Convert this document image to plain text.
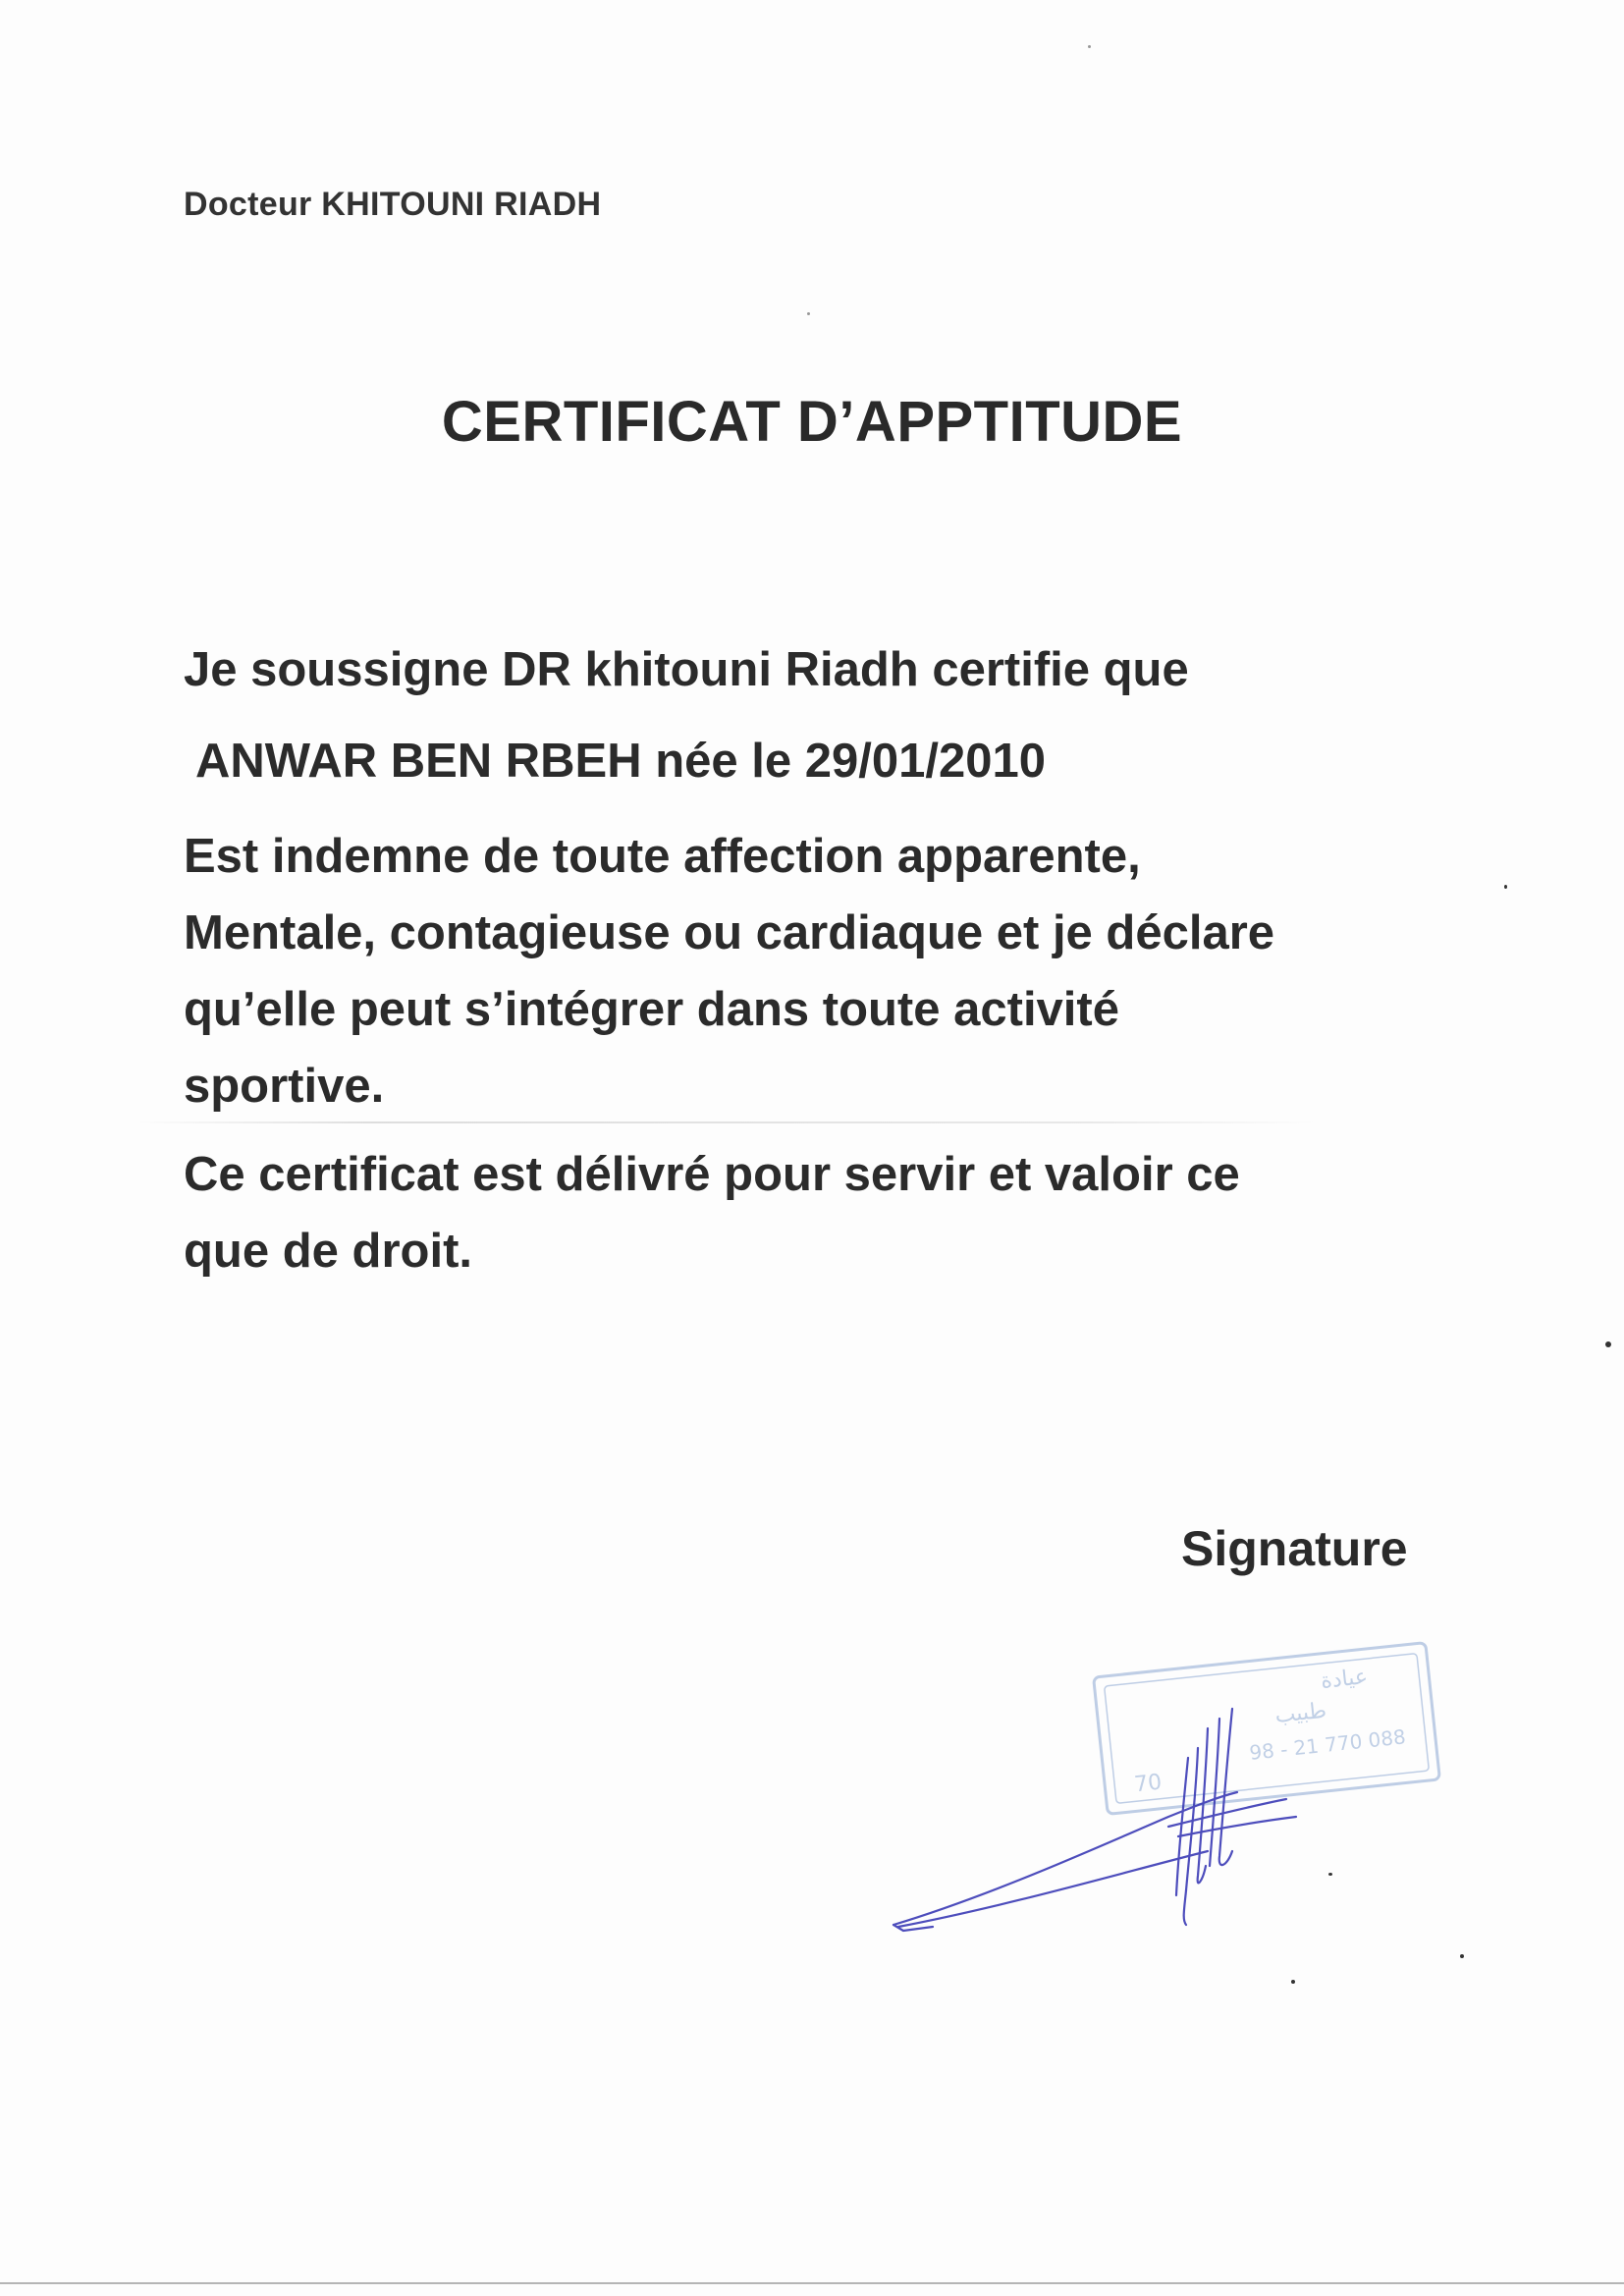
Docteur KHITOUNI RIADH
CERTIFICAT D’APPTITUDE
Je soussigne DR khitouni Riadh certifie que
ANWAR BEN RBEH née le 29/01/2010
Est indemne de toute affection apparente,
Mentale, contagieuse ou cardiaque et je déclare
qu’elle peut s’intégrer dans toute activité
sportive.
Ce certificat est délivré pour servir et valoir ce
que de droit.
Signature
عيادة
طبيب
70
98 - 21 770 088
